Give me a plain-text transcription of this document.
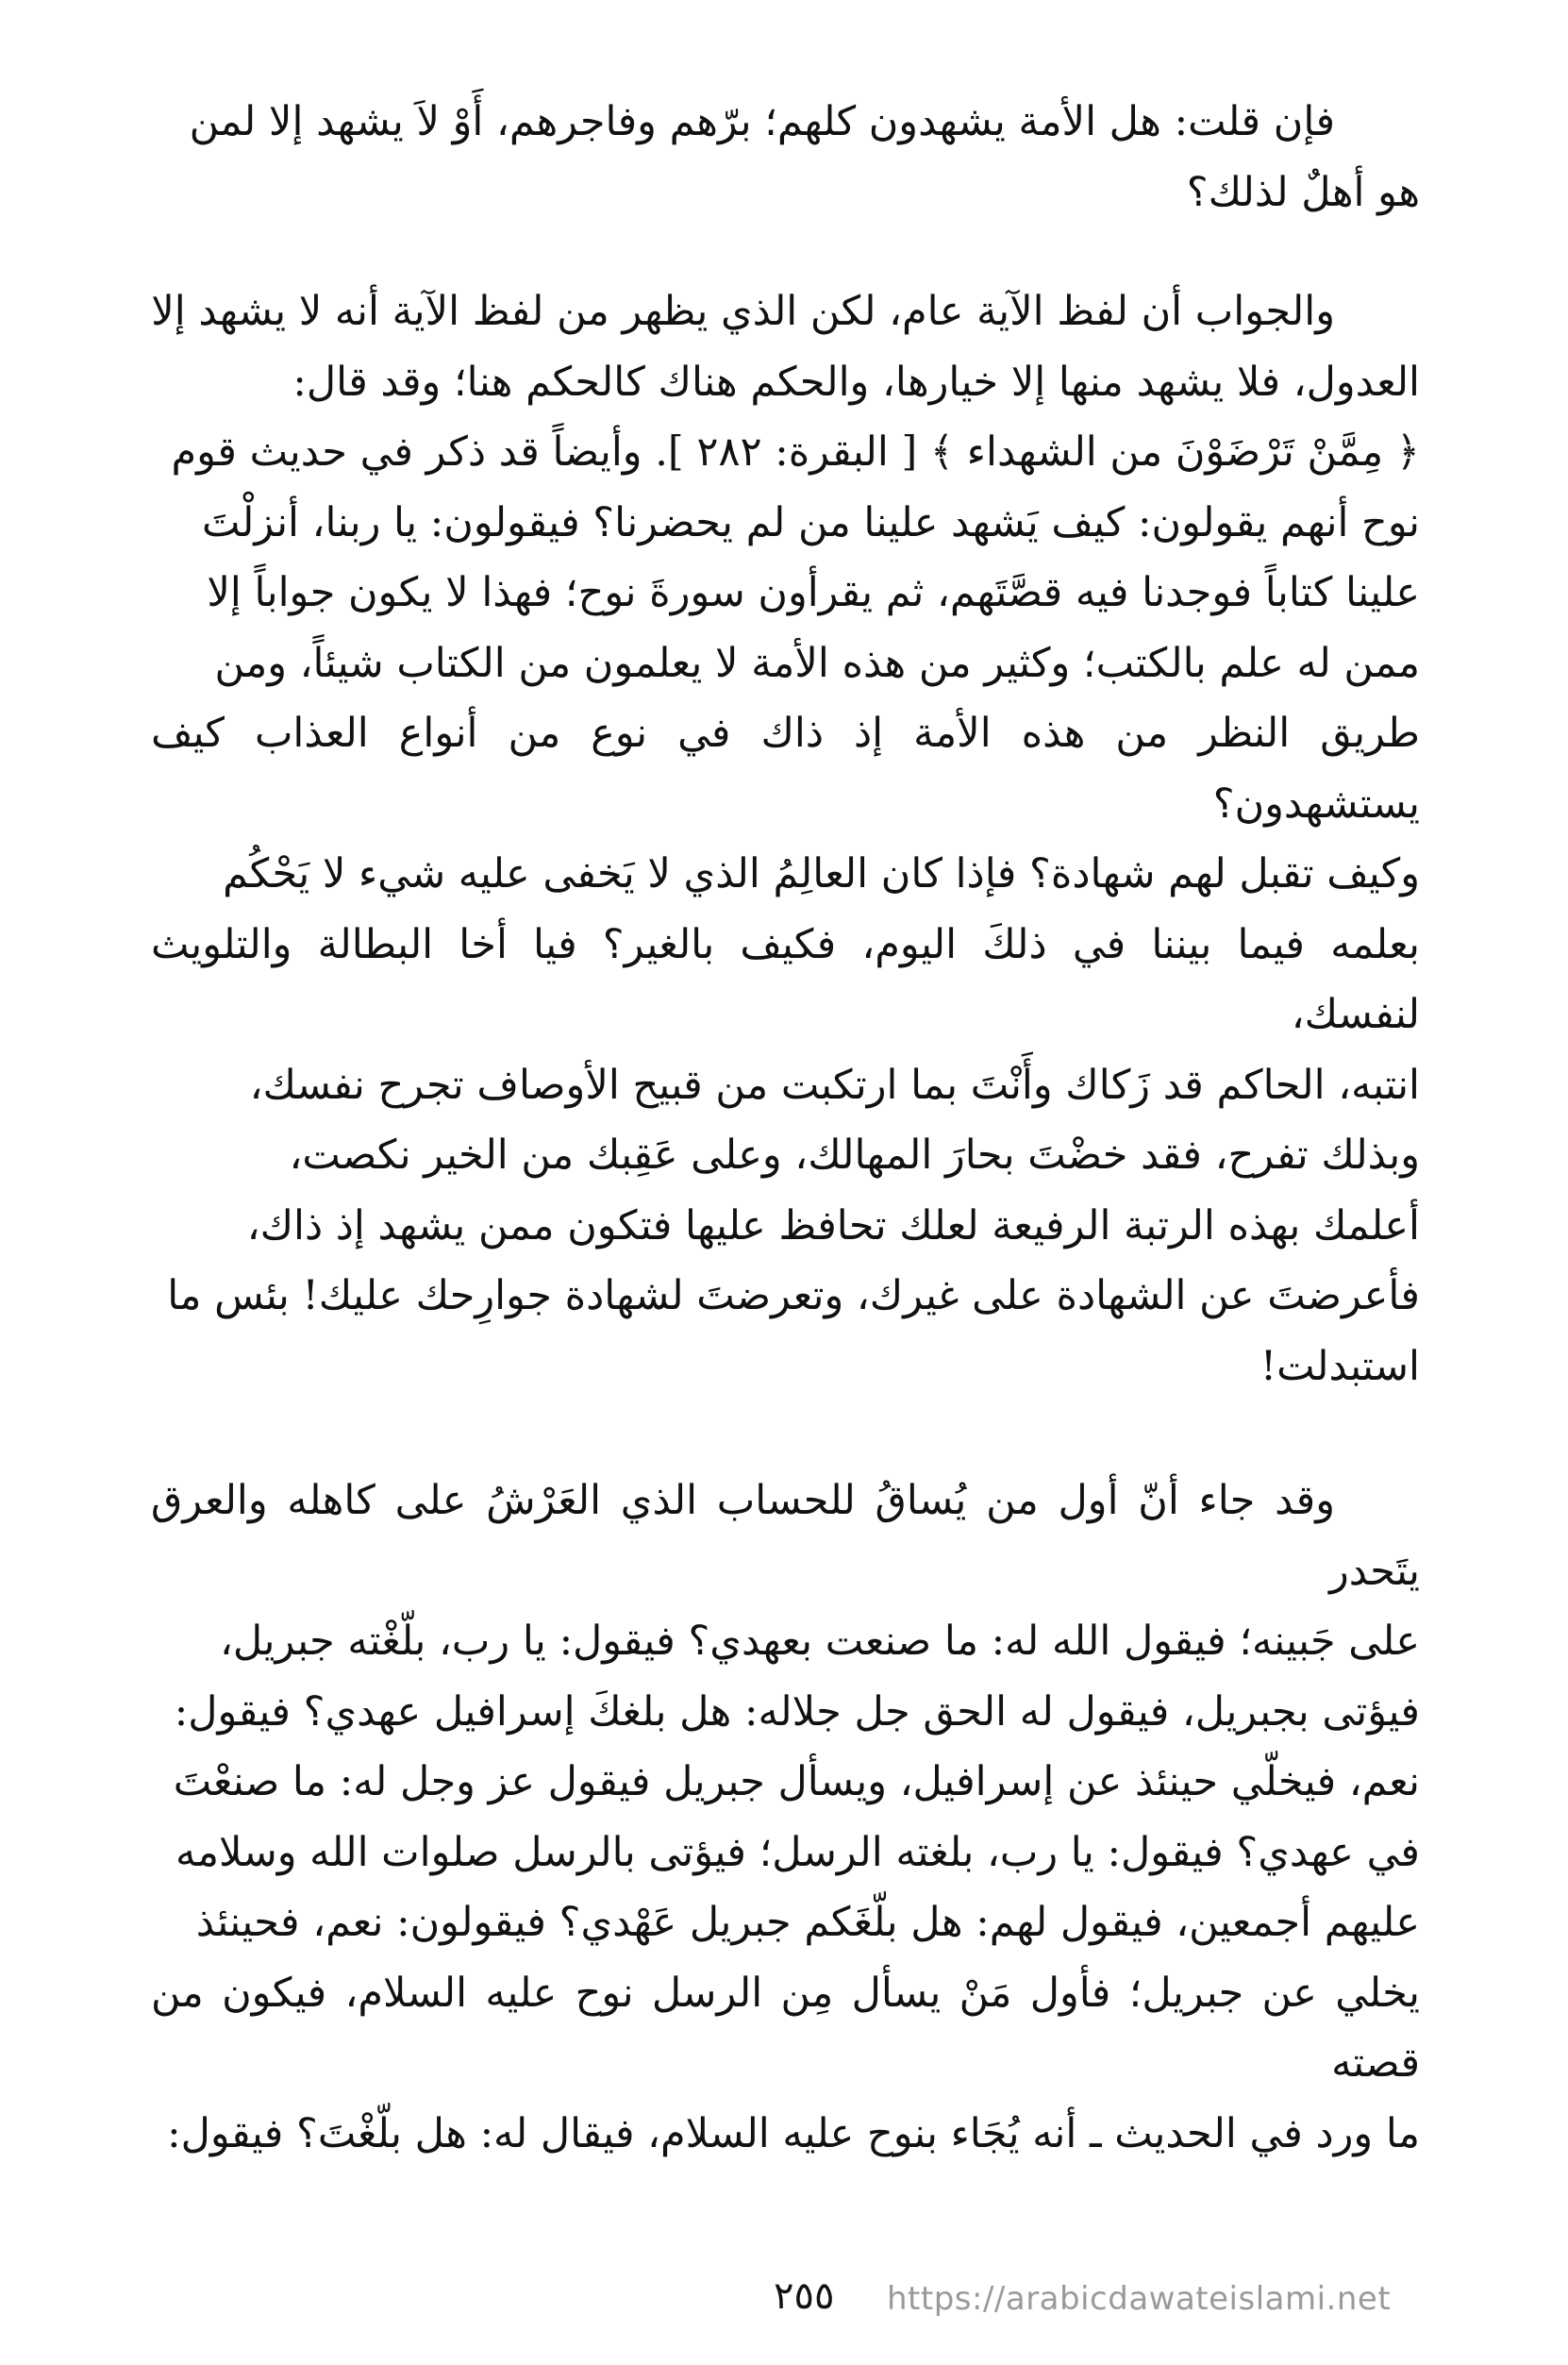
فإن قلت: هل الأمة يشهدون كلهم؛ برّهم وفاجرهم، أَوْ لاَ يشهد إلا لمن
هو أهلٌ لذلك؟
والجواب أن لفظ الآية عام، لكن الذي يظهر من لفظ الآية أنه لا يشهد إلا
العدول، فلا يشهد منها إلا خيارها، والحكم هناك كالحكم هنا؛ وقد قال:
﴿ مِمَّنْ تَرْضَوْنَ من الشهداء ﴾ [ البقرة: ٢٨٢ ]. وأيضاً قد ذكر في حديث قوم
نوح أنهم يقولون: كيف يَشهد علينا من لم يحضرنا؟ فيقولون: يا ربنا، أنزلْتَ
علينا كتاباً فوجدنا فيه قصَّتَهم، ثم يقرأون سورةَ نوح؛ فهذا لا يكون جواباً إلا
ممن له علم بالكتب؛ وكثير من هذه الأمة لا يعلمون من الكتاب شيئاً، ومن
طريق النظر من هذه الأمة إذ ذاك في نوع من أنواع العذاب كيف يستشهدون؟
وكيف تقبل لهم شهادة؟ فإذا كان العالِمُ الذي لا يَخفى عليه شيء لا يَحْكُم
بعلمه فيما بيننا في ذلكَ اليوم، فكيف بالغير؟ فيا أخا البطالة والتلويث لنفسك،
انتبه، الحاكم قد زَكاك وأَنْتَ بما ارتكبت من قبيح الأوصاف تجرح نفسك،
وبذلك تفرح، فقد خضْتَ بحارَ المهالك، وعلى عَقِبك من الخير نكصت،
أعلمك بهذه الرتبة الرفيعة لعلك تحافظ عليها فتكون ممن يشهد إذ ذاك،
فأعرضتَ عن الشهادة على غيرك، وتعرضتَ لشهادة جوارِحك عليك! بئس ما
استبدلت!
وقد جاء أنّ أول من يُساقُ للحساب الذي العَرْشُ على كاهله والعرق يتَحدر
على جَبينه؛ فيقول الله له: ما صنعت بعهدي؟ فيقول: يا رب، بلّغْته جبريل،
فيؤتى بجبريل، فيقول له الحق جل جلاله: هل بلغكَ إسرافيل عهدي؟ فيقول:
نعم، فيخلّي حينئذ عن إسرافيل، ويسأل جبريل فيقول عز وجل له: ما صنعْتَ
في عهدي؟ فيقول: يا رب، بلغته الرسل؛ فيؤتى بالرسل صلوات الله وسلامه
عليهم أجمعين، فيقول لهم: هل بلّغَكم جبريل عَهْدي؟ فيقولون: نعم، فحينئذ
يخلي عن جبريل؛ فأول مَنْ يسأل مِن الرسل نوح عليه السلام، فيكون من قصته
ما ورد في الحديث ـ أنه يُجَاء بنوح عليه السلام، فيقال له: هل بلّغْتَ؟ فيقول:
٢٥٥ https://arabicdawateislami.net
